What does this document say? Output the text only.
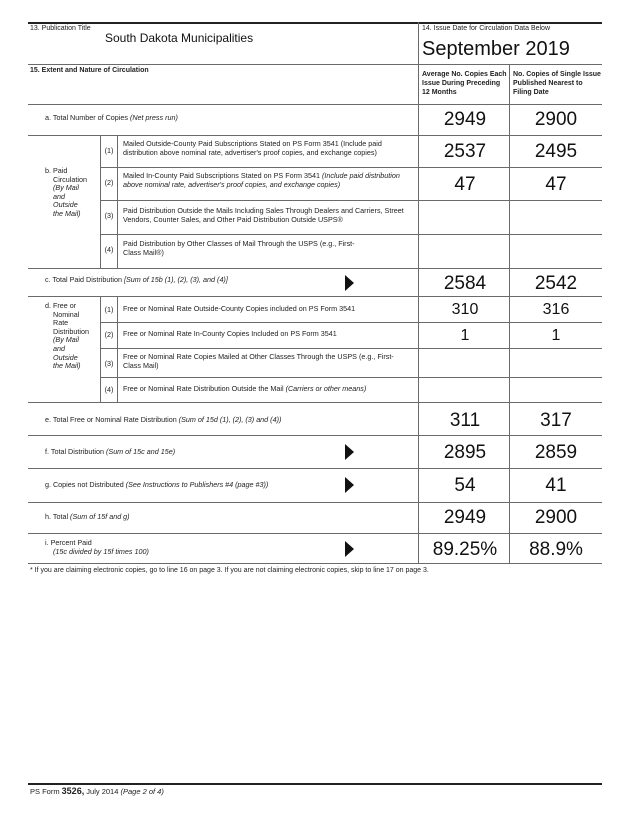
13. Publication Title
South Dakota Municipalities
14. Issue Date for Circulation Data Below
September 2019
15. Extent and Nature of Circulation
Average No. Copies Each Issue During Preceding 12 Months
No. Copies of Single Issue Published Nearest to Filing Date
a. Total Number of Copies (Net press run)	2949	2900
b. Paid
Circulation
(By Mail
and
Outside
the Mail)
(1)
Mailed Outside-County Paid Subscriptions Stated on PS Form 3541 (Include paid distribution above nominal rate, advertiser's proof copies, and exchange copies)	2537	2495
(2)
Mailed In-County Paid Subscriptions Stated on PS Form 3541 (Include paid distribution above nominal rate, advertiser's proof copies, and exchange copies)	47	47
(3)
Paid Distribution Outside the Mails Including Sales Through Dealers and Carriers, Street Vendors, Counter Sales, and Other Paid Distribution Outside USPS®
(4)
Paid Distribution by Other Classes of Mail Through the USPS (e.g., First-Class Mail®)
c. Total Paid Distribution [Sum of 15b (1), (2), (3), and (4)]	2584	2542
d. Free or
Nominal
Rate
Distribution
(By Mail
and
Outside
the Mail)
(1)	Free or Nominal Rate Outside-County Copies included on PS Form 3541	310	316
(2)	Free or Nominal Rate In-County Copies Included on PS Form 3541	1	1
(3)
Free or Nominal Rate Copies Mailed at Other Classes Through the USPS (e.g., First-Class Mail)
(4)	Free or Nominal Rate Distribution Outside the Mail (Carriers or other means)
e. Total Free or Nominal Rate Distribution (Sum of 15d (1), (2), (3) and (4))	311	317
f. Total Distribution (Sum of 15c and 15e)	2895	2859
g. Copies not Distributed (See Instructions to Publishers #4 (page #3))	54	41
h. Total (Sum of 15f and g)	2949	2900
i. Percent Paid
(15c divided by 15f times 100)	89.25%	88.9%
* If you are claiming electronic copies, go to line 16 on page 3. If you are not claiming electronic copies, skip to line 17 on page 3.
PS Form 3526, July 2014 (Page 2 of 4)
